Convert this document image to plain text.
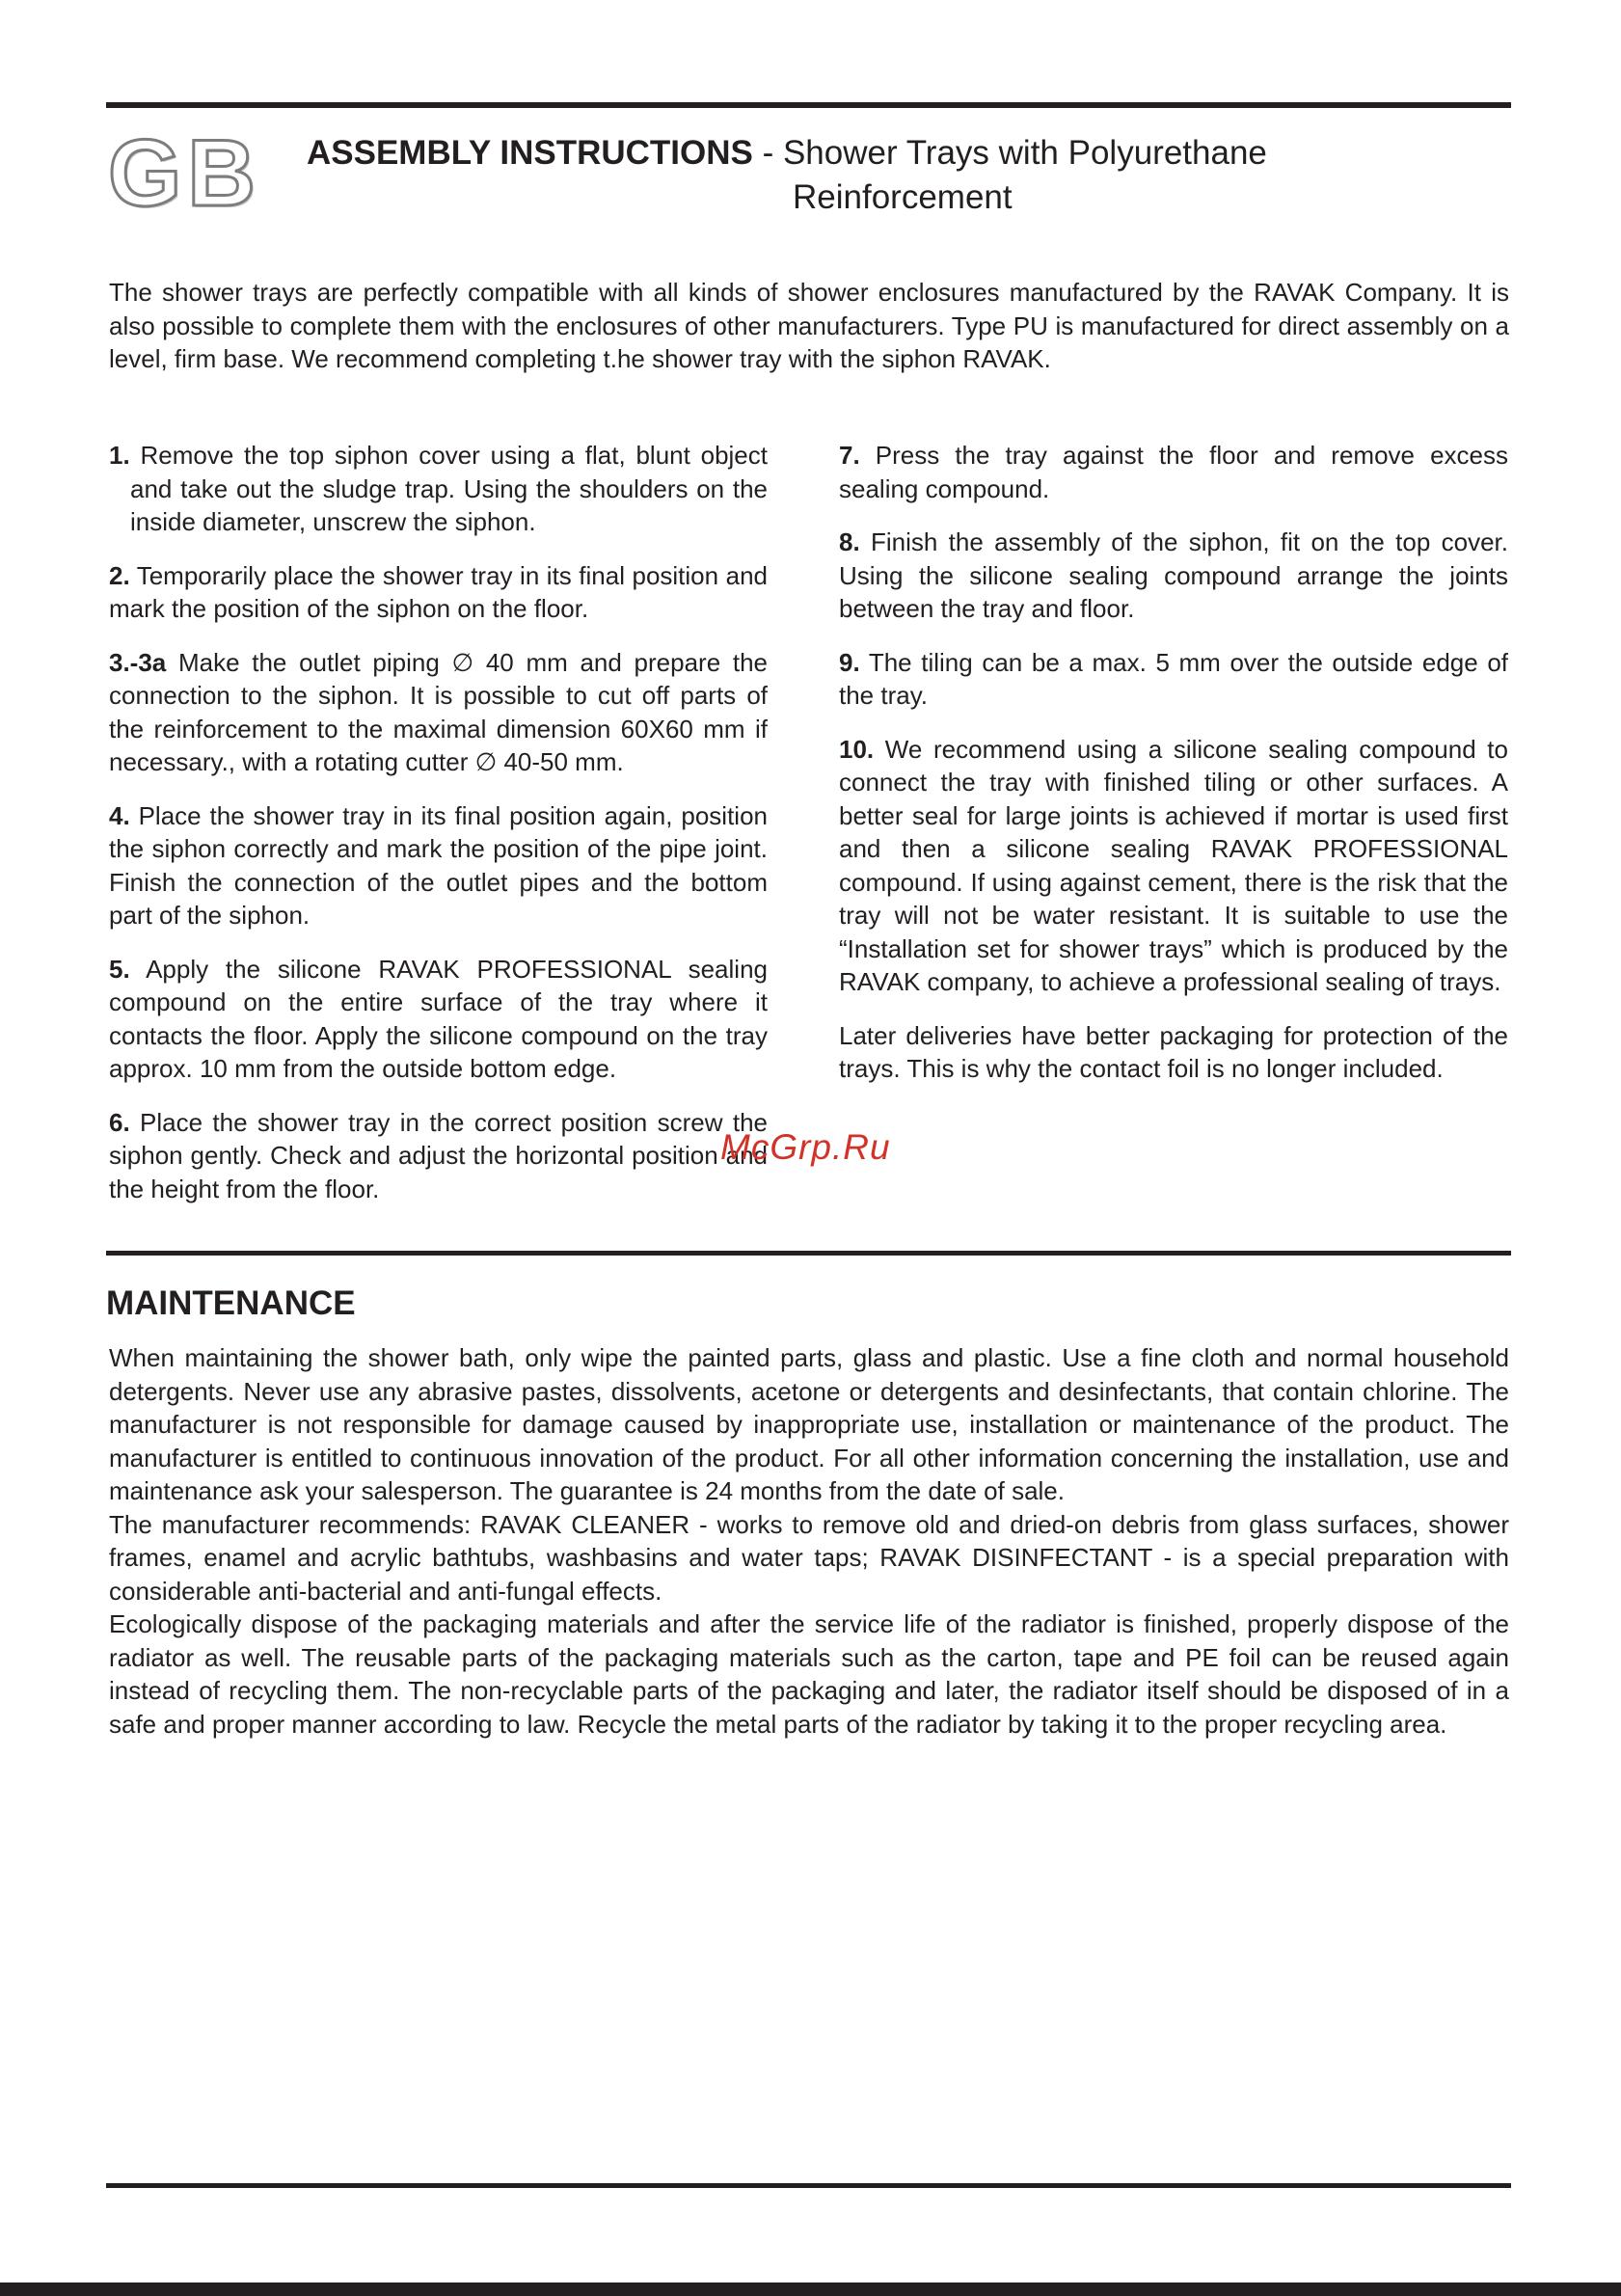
GB ASSEMBLY INSTRUCTIONS - Shower Trays with Polyurethane
Reinforcement
The shower trays are perfectly compatible with all kinds of shower enclosures manufactured by the RAVAK Company. It is also possible to complete them with the enclosures of other manufacturers. Type PU is manufactured for direct assembly on a level, firm base. We recommend completing t.he shower tray with the siphon RAVAK.

1. Remove the top siphon cover using a flat, blunt object and take out the sludge trap. Using the shoulders on the inside diameter, unscrew the siphon.

2. Temporarily place the shower tray in its final position and mark the position of the siphon on the floor.

3.-3a Make the outlet piping ∅ 40 mm and prepare the connection to the siphon. It is possible to cut off parts of the reinforcement to the maximal dimension 60X60 mm if necessary., with a rotating cutter ∅ 40-50 mm.

4. Place the shower tray in its final position again, position the siphon correctly and mark the position of the pipe joint. Finish the connection of the outlet pipes and the bottom part of the siphon.

5. Apply the silicone RAVAK PROFESSIONAL sealing compound on the entire surface of the tray where it contacts the floor. Apply the silicone compound on the tray approx. 10 mm from the outside bottom edge.

6. Place the shower tray in the correct position screw the siphon gently. Check and adjust the horizontal position and the height from the floor.

7. Press the tray against the floor and remove excess sealing compound.

8. Finish the assembly of the siphon, fit on the top cover. Using the silicone sealing compound arrange the joints between the tray and floor.

9. The tiling can be a max. 5 mm over the outside edge of the tray.

10. We recommend using a silicone sealing compound to connect the tray with finished tiling or other surfaces. A better seal for large joints is achieved if mortar is used first and then a silicone sealing RAVAK PROFESSIONAL compound. If using against cement, there is the risk that the tray will not be water resistant. It is suitable to use the “Installation set for shower trays” which is produced by the RAVAK company, to achieve a professional sealing of trays.

Later deliveries have better packaging for protection of the trays. This is why the contact foil is no longer included.

McGrp.Ru
MAINTENANCE

When maintaining the shower bath, only wipe the painted parts, glass and plastic. Use a fine cloth and normal household detergents. Never use any abrasive pastes, dissolvents, acetone or detergents and desinfectants, that contain chlorine. The manufacturer is not responsible for damage caused by inappropriate use, installation or maintenance of the product. The manufacturer is entitled to continuous innovation of the product. For all other information concerning the installation, use and maintenance ask your salesperson. The guarantee is 24 months from the date of sale.

The manufacturer recommends: RAVAK CLEANER - works to remove old and dried-on debris from glass surfaces, shower frames, enamel and acrylic bathtubs, washbasins and water taps; RAVAK DISINFECTANT - is a special preparation with considerable anti-bacterial and anti-fungal effects.

Ecologically dispose of the packaging materials and after the service life of the radiator is finished, properly dispose of the radiator as well. The reusable parts of the packaging materials such as the carton, tape and PE foil can be reused again instead of recycling them. The non-recyclable parts of the packaging and later, the radiator itself should be disposed of in a safe and proper manner according to law. Recycle the metal parts of the radiator by taking it to the proper recycling area.
